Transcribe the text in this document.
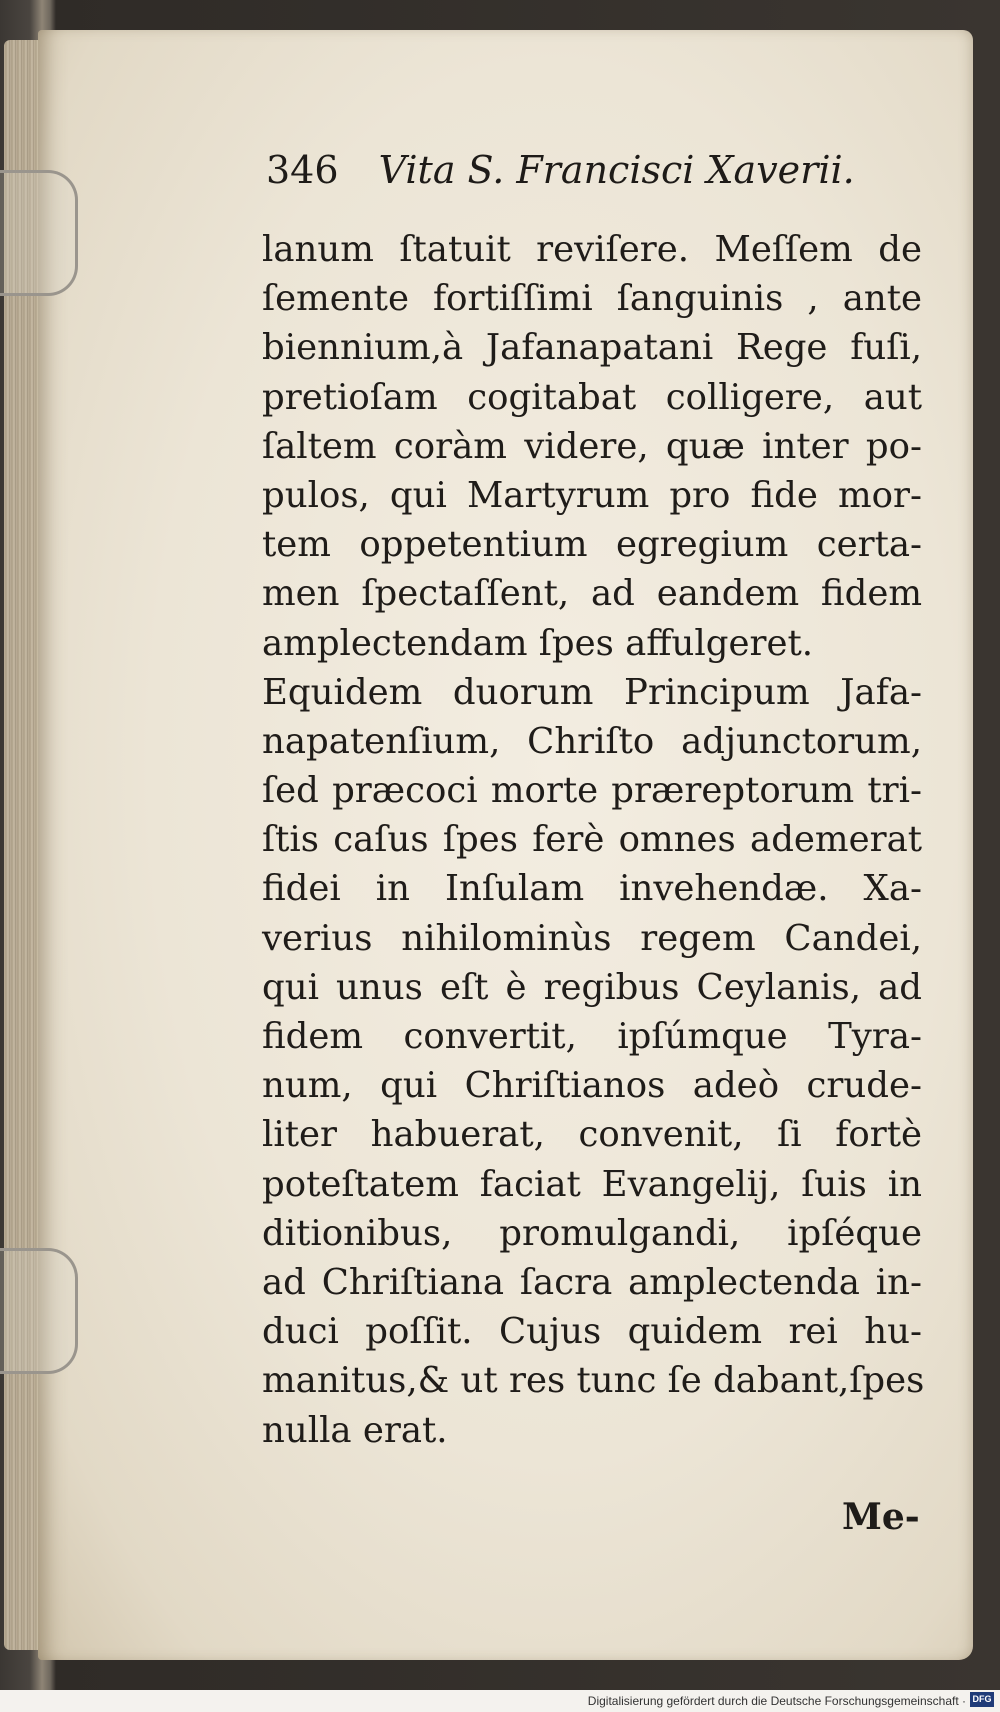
346 Vita S. Francisci Xaverii.
lanum ſtatuit reviſere. Meſſem de
ſemente fortiſſimi ſanguinis , ante
biennium,à Jafanapatani Rege fuſi,
pretioſam cogitabat colligere, aut
ſaltem coràm videre, quæ inter po-
pulos, qui Martyrum pro fide mor-
tem oppetentium egregium certa-
men ſpectaſſent, ad eandem fidem
amplectendam ſpes affulgeret.
Equidem duorum Principum Jafa-
napatenſium, Chriſto adjunctorum,
ſed præcoci morte præreptorum tri-
ſtis caſus ſpes ferè omnes ademerat
fidei in Inſulam invehendæ. Xa-
verius nihilominùs regem Candei,
qui unus eſt è regibus Ceylanis, ad
fidem convertit, ipſúmque Tyra-
num, qui Chriſtianos adeò crude-
liter habuerat, convenit, ſi fortè
poteſtatem faciat Evangelij, ſuis in
ditionibus, promulgandi, ipſéque
ad Chriſtiana ſacra amplectenda in-
duci poſſit. Cujus quidem rei hu-
manitus,& ut res tunc ſe dabant,ſpes
nulla erat.
Me-
Digitalisierung gefördert durch die Deutsche Forschungsgemeinschaft · DFG
